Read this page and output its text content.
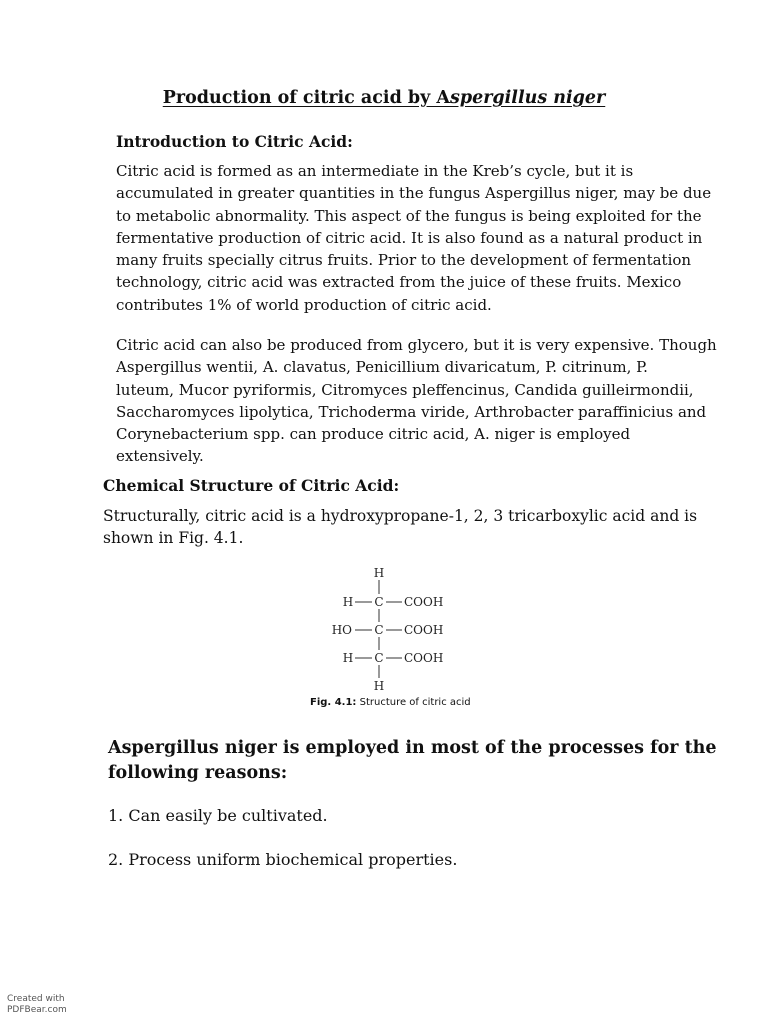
Production of citric acid by Aspergillus niger
Introduction to Citric Acid:
Citric acid is formed as an intermediate in the Kreb’s cycle, but it is
accumulated in greater quantities in the fungus Aspergillus niger, may be due
to metabolic abnormality. This aspect of the fungus is being exploited for the
fermentative production of citric acid. It is also found as a natural product in
many fruits specially citrus fruits. Prior to the development of fermentation
technology, citric acid was extracted from the juice of these fruits. Mexico
contributes 1% of world production of citric acid.
Citric acid can also be produced from glycero, but it is very expensive. Though
Aspergillus wentii, A. clavatus, Penicillium divaricatum, P. citrinum, P.
luteum, Mucor pyriformis, Citromyces pleffencinus, Candida guilleirmondii,
Saccharomyces lipolytica, Trichoderma viride, Arthrobacter paraffinicius and
Corynebacterium spp. can produce citric acid, A. niger is employed
extensively.
Chemical Structure of Citric Acid:
Structurally, citric acid is a hydroxypropane-1, 2, 3 tricarboxylic acid and is
shown in Fig. 4.1.
H
H C COOH
HO C COOH
H C COOH
H
Fig. 4.1: Structure of citric acid
Aspergillus niger is employed in most of the processes for the
following reasons:
1. Can easily be cultivated.
2. Process uniform biochemical properties.
Created with
PDFBear.com
